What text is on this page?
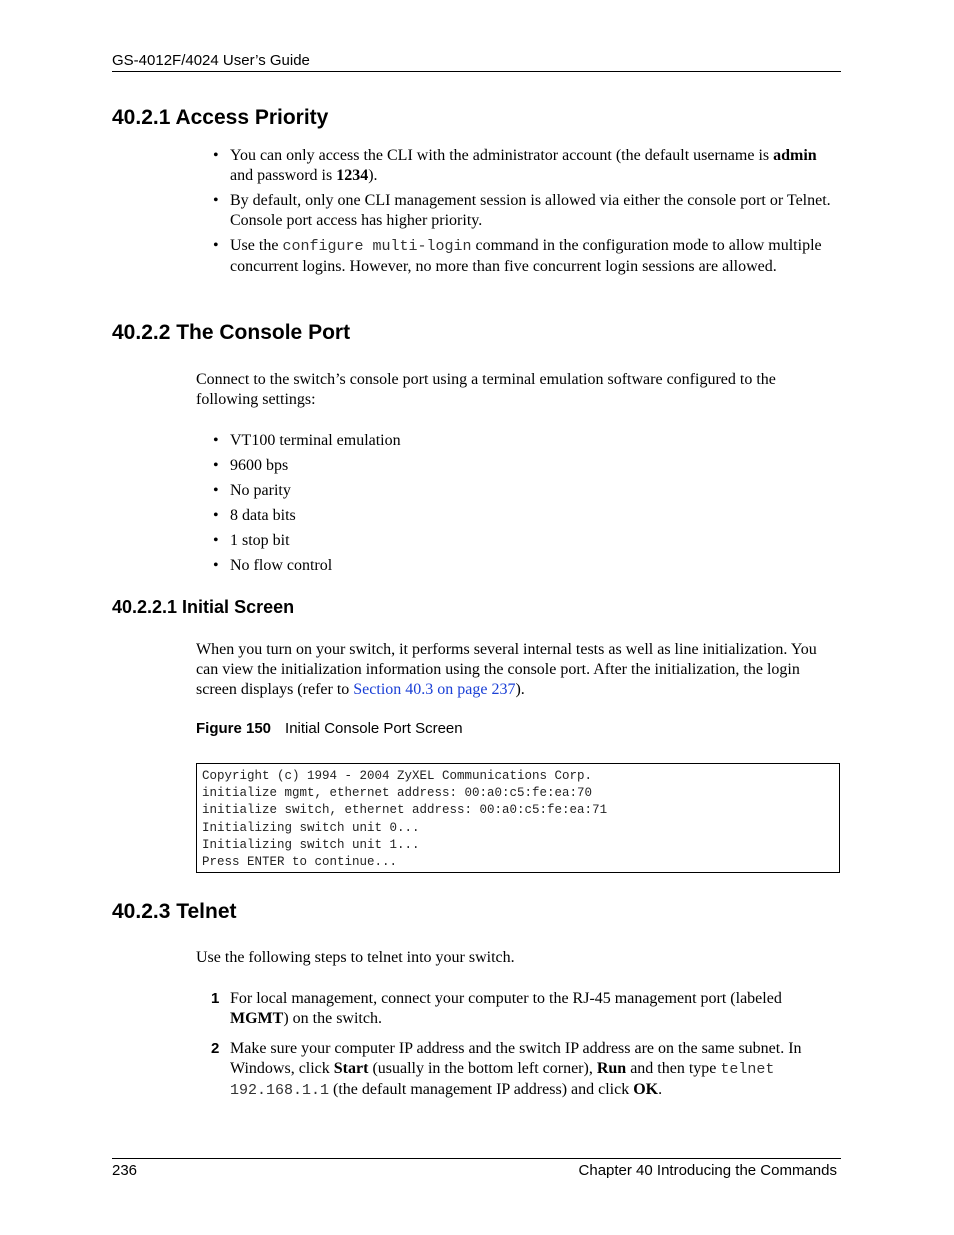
GS-4012F/4024 User’s Guide
40.2.1 Access Priority
• You can only access the CLI with the administrator account (the default username is admin and password is 1234).
• By default, only one CLI management session is allowed via either the console port or Telnet. Console port access has higher priority.
• Use the configure multi-login command in the configuration mode to allow multiple concurrent logins. However, no more than five concurrent login sessions are allowed.
40.2.2 The Console Port

Connect to the switch’s console port using a terminal emulation software configured to the following settings:

• VT100 terminal emulation
• 9600 bps
• No parity
• 8 data bits
• 1 stop bit
• No flow control
40.2.2.1 Initial Screen

When you turn on your switch, it performs several internal tests as well as line initialization. You can view the initialization information using the console port. After the initialization, the login screen displays (refer to Section 40.3 on page 237).

Figure 150 Initial Console Port Screen
Copyright (c) 1994 - 2004 ZyXEL Communications Corp.
initialize mgmt, ethernet address: 00:a0:c5:fe:ea:70
initialize switch, ethernet address: 00:a0:c5:fe:ea:71
Initializing switch unit 0...
Initializing switch unit 1...
Press ENTER to continue...
40.2.3 Telnet

Use the following steps to telnet into your switch.

1 For local management, connect your computer to the RJ-45 management port (labeled MGMT) on the switch.
2 Make sure your computer IP address and the switch IP address are on the same subnet. In Windows, click Start (usually in the bottom left corner), Run and then type telnet 192.168.1.1 (the default management IP address) and click OK.
236	Chapter 40 Introducing the Commands
